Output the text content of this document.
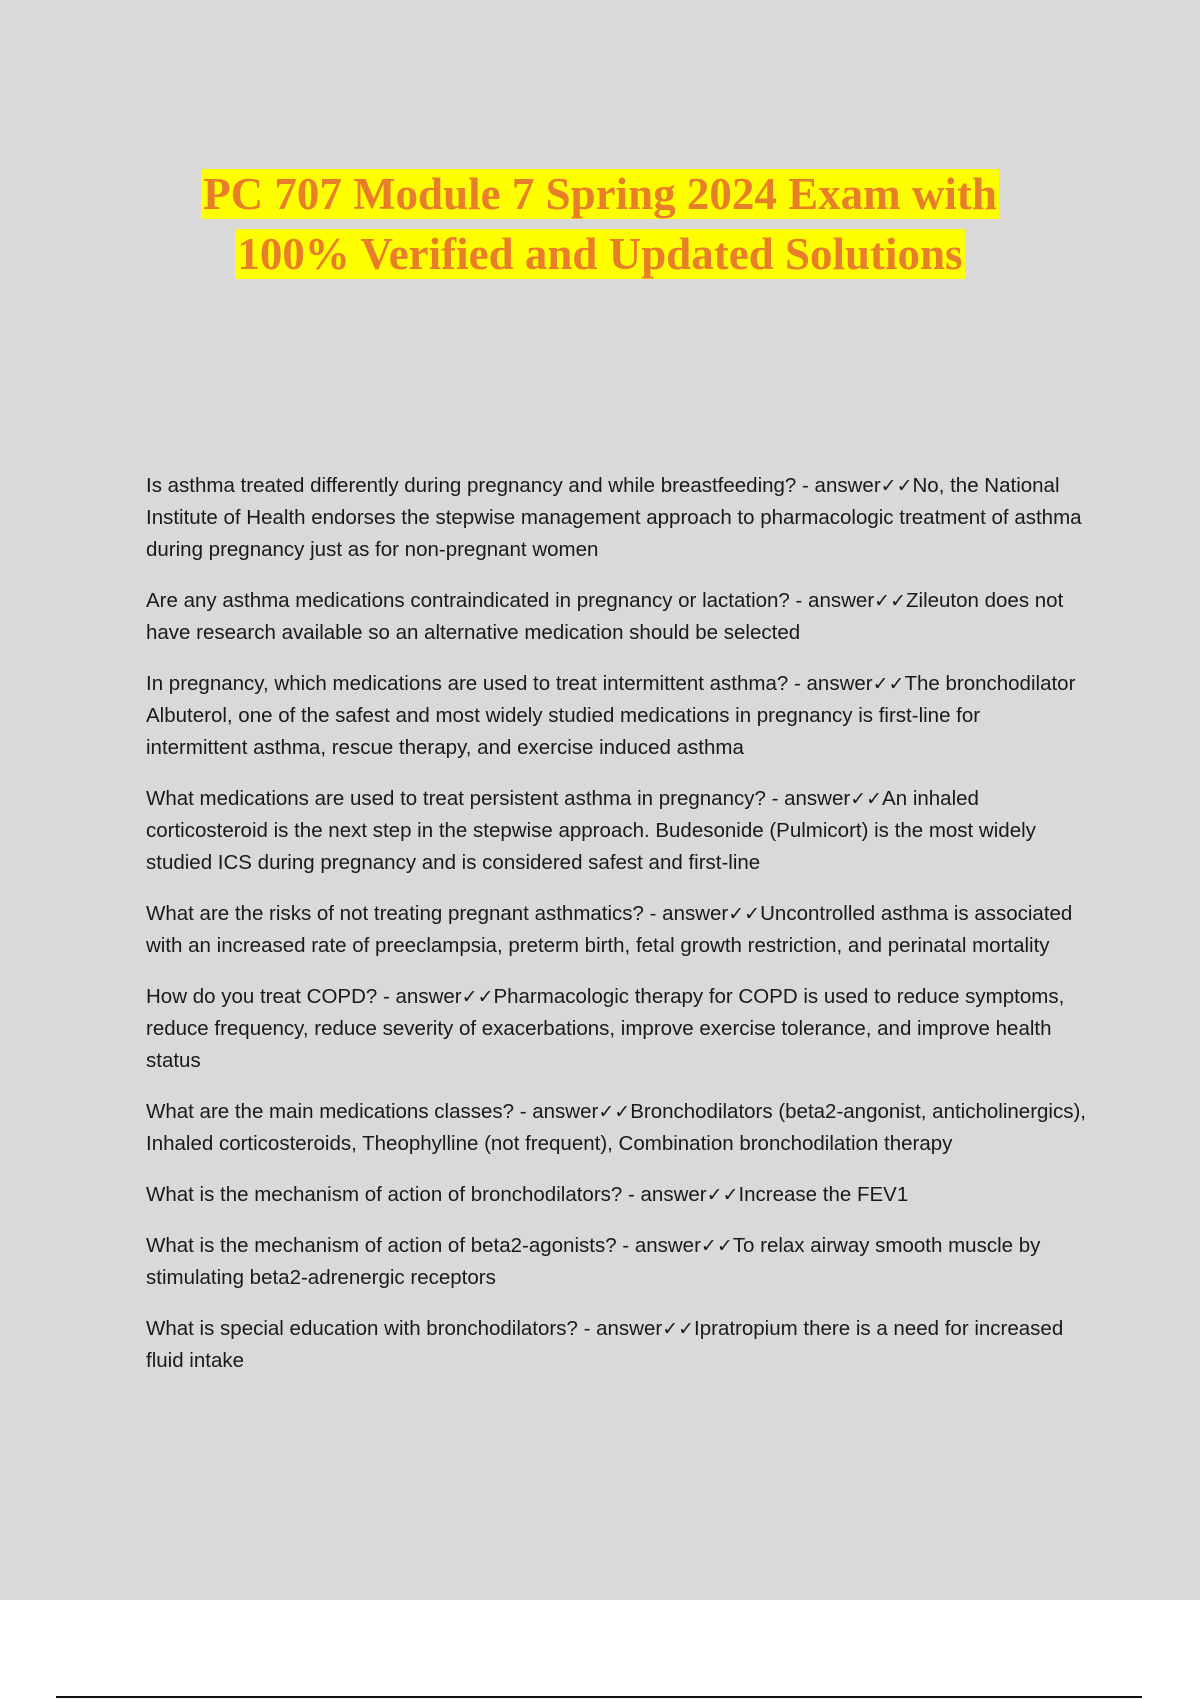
PC 707 Module 7 Spring 2024 Exam with
100% Verified and Updated Solutions

Is asthma treated differently during pregnancy and while breastfeeding? - answer✓✓No, the National Institute of Health endorses the stepwise management approach to pharmacologic treatment of asthma during pregnancy just as for non-pregnant women

Are any asthma medications contraindicated in pregnancy or lactation? - answer✓✓Zileuton does not have research available so an alternative medication should be selected

In pregnancy, which medications are used to treat intermittent asthma? - answer✓✓The bronchodilator Albuterol, one of the safest and most widely studied medications in pregnancy is first-line for intermittent asthma, rescue therapy, and exercise induced asthma

What medications are used to treat persistent asthma in pregnancy? - answer✓✓An inhaled corticosteroid is the next step in the stepwise approach. Budesonide (Pulmicort) is the most widely studied ICS during pregnancy and is considered safest and first-line

What are the risks of not treating pregnant asthmatics? - answer✓✓Uncontrolled asthma is associated with an increased rate of preeclampsia, preterm birth, fetal growth restriction, and perinatal mortality

How do you treat COPD? - answer✓✓Pharmacologic therapy for COPD is used to reduce symptoms, reduce frequency, reduce severity of exacerbations, improve exercise tolerance, and improve health status

What are the main medications classes? - answer✓✓Bronchodilators (beta2-angonist, anticholinergics), Inhaled corticosteroids, Theophylline (not frequent), Combination bronchodilation therapy

What is the mechanism of action of bronchodilators? - answer✓✓Increase the FEV1

What is the mechanism of action of beta2-agonists? - answer✓✓To relax airway smooth muscle by stimulating beta2-adrenergic receptors

What is special education with bronchodilators? - answer✓✓Ipratropium there is a need for increased fluid intake
